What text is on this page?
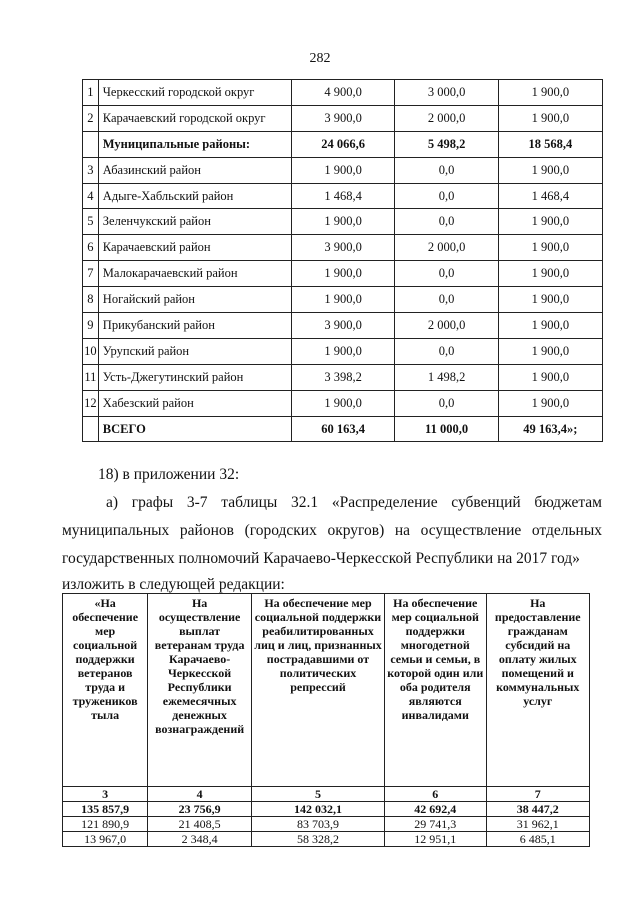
282
1	Черкесский городской округ	4 900,0	3 000,0	1 900,0
2	Карачаевский городской округ	3 900,0	2 000,0	1 900,0
	Муниципальные районы:	24 066,6	5 498,2	18 568,4
3	Абазинский район	1 900,0	0,0	1 900,0
4	Адыге-Хабльский район	1 468,4	0,0	1 468,4
5	Зеленчукский район	1 900,0	0,0	1 900,0
6	Карачаевский район	3 900,0	2 000,0	1 900,0
7	Малокарачаевский район	1 900,0	0,0	1 900,0
8	Ногайский район	1 900,0	0,0	1 900,0
9	Прикубанский район	3 900,0	2 000,0	1 900,0
10	Урупский район	1 900,0	0,0	1 900,0
11	Усть-Джегутинский район	3 398,2	1 498,2	1 900,0
12	Хабезский район	1 900,0	0,0	1 900,0
	ВСЕГО	60 163,4	11 000,0	49 163,4»;
18) в приложении 32:
а) графы 3-7 таблицы 32.1 «Распределение субвенций бюджетам
муниципальных районов (городских округов) на осуществление отдельных
государственных полномочий Карачаево-Черкесской Республики на 2017 год»
изложить в следующей редакции:
«На обеспечение мер социальной поддержки ветеранов труда и тружеников тыла	На осуществление выплат ветеранам труда Карачаево-Черкесской Республики ежемесячных денежных вознаграждений	На обеспечение мер социальной поддержки реабилитированных лиц и лиц, признанных пострадавшими от политических репрессий	На обеспечение мер социальной поддержки многодетной семьи и семьи, в которой один или оба родителя являются инвалидами	На предоставление гражданам субсидий на оплату жилых помещений и коммунальных услуг
3	4	5	6	7
135 857,9	23 756,9	142 032,1	42 692,4	38 447,2
121 890,9	21 408,5	83 703,9	29 741,3	31 962,1
13 967,0	2 348,4	58 328,2	12 951,1	6 485,1
